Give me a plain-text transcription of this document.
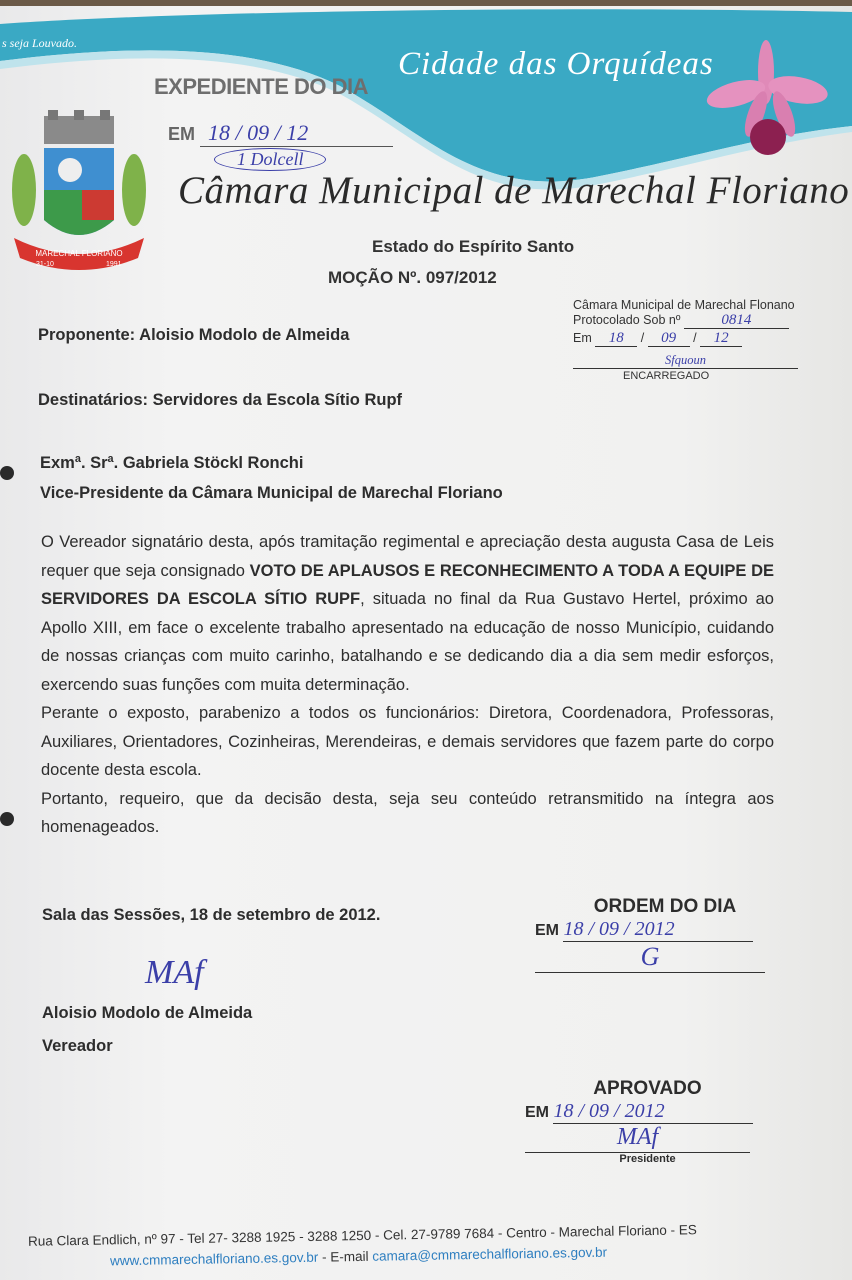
s seja Louvado.
Cidade das Orquídeas
MARECHAL FLORIANO
31-10	1991
EXPEDIENTE DO DIA
EM 18 / 09 / 12
1 Dolcell
Câmara Municipal de Marechal Floriano
Estado do Espírito Santo
MOÇÃO Nº. 097/2012
Câmara Municipal de Marechal Flonano
Protocolado Sob nº	0814
Em 18 / 09 / 12
Sfquoun
ENCARREGADO
Proponente: Aloisio Modolo de Almeida
Destinatários: Servidores da Escola Sítio Rupf
Exmª. Srª. Gabriela Stöckl Ronchi
Vice-Presidente da Câmara Municipal de Marechal Floriano

O Vereador signatário desta, após tramitação regimental e apreciação desta augusta Casa de Leis requer que seja consignado VOTO DE APLAUSOS E RECONHECIMENTO A TODA A EQUIPE DE SERVIDORES DA ESCOLA SÍTIO RUPF, situada no final da Rua Gustavo Hertel, próximo ao Apollo XIII, em face o excelente trabalho apresentado na educação de nosso Município, cuidando de nossas crianças com muito carinho, batalhando e se dedicando dia a dia sem medir esforços, exercendo suas funções com muita determinação.

Perante o exposto, parabenizo a todos os funcionários: Diretora, Coordenadora, Professoras, Auxiliares, Orientadores, Cozinheiras, Merendeiras, e demais servidores que fazem parte do corpo docente desta escola.

Portanto, requeiro, que da decisão desta, seja seu conteúdo retransmitido na íntegra aos homenageados.

Sala das Sessões, 18 de setembro de 2012.
MAf
Aloisio Modolo de Almeida
Vereador
ORDEM DO DIA
EM 18 / 09 / 2012
G
APROVADO
EM 18 / 09 / 2012
MAf
Presidente
Rua Clara Endlich, nº 97 - Tel 27- 3288 1925 - 3288 1250 - Cel. 27-9789 7684 - Centro - Marechal Floriano - ES
www.cmmarechalfloriano.es.gov.br - E-mail camara@cmmarechalfloriano.es.gov.br
